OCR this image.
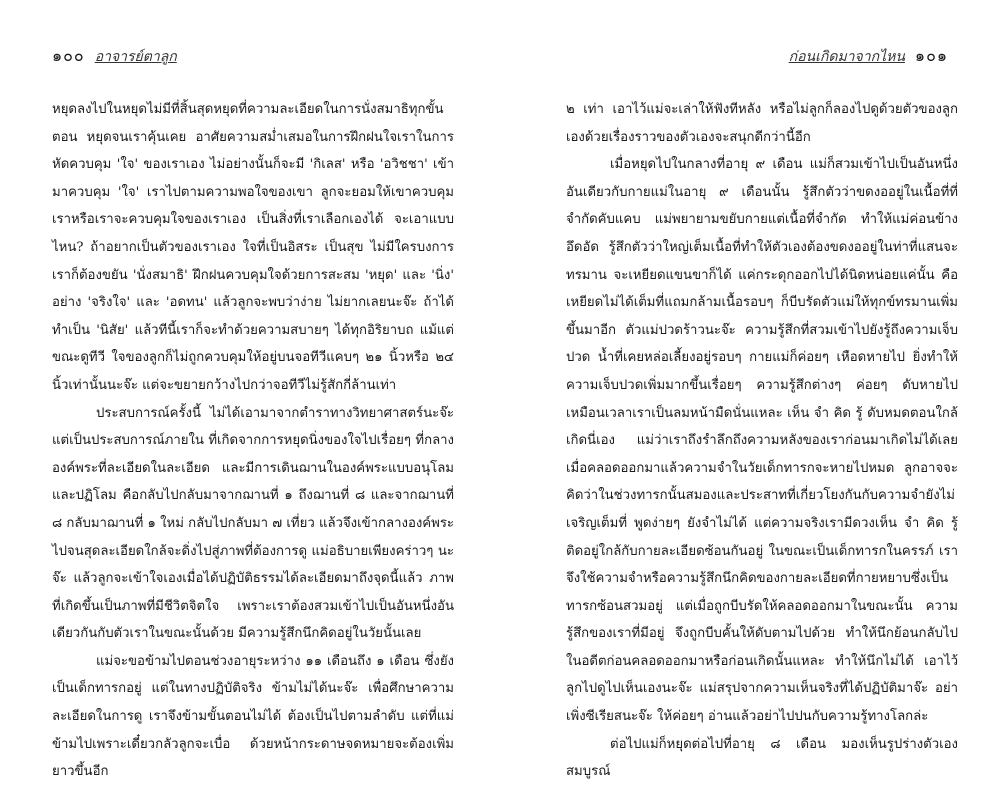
๑๐๐ อาจารย์ตาลูก

หยุดลงไปในหยุดไม่มีที่สิ้นสุดหยุดที่ความละเอียดในการนั่งสมาธิทุกขั้นตอน หยุดจนเราคุ้นเคย อาศัยความสม่ำเสมอในการฝึกฝนใจเราในการหัดควบคุม 'ใจ' ของเราเอง ไม่อย่างนั้นก็จะมี 'กิเลส' หรือ 'อวิชชา' เข้ามาควบคุม 'ใจ' เราไปตามความพอใจของเขา ลูกจะยอมให้เขาควบคุมเราหรือเราจะควบคุมใจของเราเอง เป็นสิ่งที่เราเลือกเองได้ จะเอาแบบไหน? ถ้าอยากเป็นตัวของเราเอง ใจที่เป็นอิสระ เป็นสุข ไม่มีใครบงการ เราก็ต้องขยัน 'นั่งสมาธิ' ฝึกฝนควบคุมใจด้วยการสะสม 'หยุด' และ 'นิ่ง' อย่าง 'จริงใจ' และ 'อดทน' แล้วลูกจะพบว่าง่าย ไม่ยากเลยนะจ๊ะ ถ้าได้ทำเป็น 'นิสัย' แล้วทีนี้เราก็จะทำด้วยความสบายๆ ได้ทุกอิริยาบถ แม้แต่ขณะดูทีวี ใจของลูกก็ไม่ถูกควบคุมให้อยู่บนจอทีวีแคบๆ ๒๑ นิ้วหรือ ๒๔ นิ้วเท่านั้นนะจ๊ะ แต่จะขยายกว้างไปกว่าจอทีวีไม่รู้สักกี่ล้านเท่า

ประสบการณ์ครั้งนี้ ไม่ได้เอามาจากตำราทางวิทยาศาสตร์นะจ๊ะ แต่เป็นประสบการณ์ภายใน ที่เกิดจากการหยุดนิ่งของใจไปเรื่อยๆ ที่กลางองค์พระที่ละเอียดในละเอียด และมีการเดินฌานในองค์พระแบบอนุโลม และปฏิโลม คือกลับไปกลับมาจากฌานที่ ๑ ถึงฌานที่ ๘ และจากฌานที่ ๘ กลับมาฌานที่ ๑ ใหม่ กลับไปกลับมา ๗ เที่ยว แล้วจึงเข้ากลางองค์พระไปจนสุดละเอียดใกล้จะดิ่งไปสู่ภาพที่ต้องการดู แม่อธิบายเพียงคร่าวๆ นะจ๊ะ แล้วลูกจะเข้าใจเองเมื่อได้ปฏิบัติธรรมได้ละเอียดมาถึงจุดนี้แล้ว ภาพที่เกิดขึ้นเป็นภาพที่มีชีวิตจิตใจ เพราะเราต้องสวมเข้าไปเป็นอันหนึ่งอันเดียวกันกับตัวเราในขณะนั้นด้วย มีความรู้สึกนึกคิดอยู่ในวัยนั้นเลย

แม่จะขอข้ามไปตอนช่วงอายุระหว่าง ๑๑ เดือนถึง ๑ เดือน ซึ่งยังเป็นเด็กทารกอยู่ แต่ในทางปฏิบัติจริง ข้ามไม่ได้นะจ๊ะ เพื่อศึกษาความละเอียดในการดู เราจึงข้ามขั้นตอนไม่ได้ ต้องเป็นไปตามลำดับ แต่ที่แม่ข้ามไปเพราะเดี๋ยวกลัวลูกจะเบื่อ ด้วยหน้ากระดาษจดหมายจะต้องเพิ่มยาวขึ้นอีก

ก่อนเกิดมาจากไหน ๑๐๑

๒ เท่า เอาไว้แม่จะเล่าให้ฟังทีหลัง หรือไม่ลูกก็ลองไปดูด้วยตัวของลูกเองด้วยเรื่องราวของตัวเองจะสนุกดีกว่านี้อีก

เมื่อหยุดไปในกลางที่อายุ ๙ เดือน แม่ก็สวมเข้าไปเป็นอันหนึ่งอันเดียวกับกายแม่ในอายุ ๙ เดือนนั้น รู้สึกตัวว่าขดงออยู่ในเนื้อที่ที่จำกัดคับแคบ แม่พยายามขยับกายแต่เนื้อที่จำกัด ทำให้แม่ค่อนข้างอึดอัด รู้สึกตัวว่าใหญ่เต็มเนื้อที่ทำให้ตัวเองต้องขดงออยู่ในท่าที่แสนจะทรมาน จะเหยียดแขนขาก็ได้ แค่กระดุกออกไปได้นิดหน่อยแค่นั้น คือเหยียดไม่ได้เต็มที่แถมกล้ามเนื้อรอบๆ ก็บีบรัดตัวแม่ให้ทุกข์ทรมานเพิ่มขึ้นมาอีก ตัวแม่ปวดร้าวนะจ๊ะ ความรู้สึกที่สวมเข้าไปยังรู้ถึงความเจ็บปวด น้ำที่เคยหล่อเลี้ยงอยู่รอบๆ กายแม่ก็ค่อยๆ เหือดหายไป ยิ่งทำให้ความเจ็บปวดเพิ่มมากขึ้นเรื่อยๆ ความรู้สึกต่างๆ ค่อยๆ ดับหายไป เหมือนเวลาเราเป็นลมหน้ามืดนั่นแหละ เห็น จำ คิด รู้ ดับหมดตอนใกล้เกิดนี่เอง แม่ว่าเราถึงรำลึกถึงความหลังของเราก่อนมาเกิดไม่ได้เลย เมื่อคลอดออกมาแล้วความจำในวัยเด็กทารกจะหายไปหมด ลูกอาจจะคิดว่าในช่วงทารกนั้นสมองและประสาทที่เกี่ยวโยงกันกับความจำยังไม่เจริญเต็มที่ พูดง่ายๆ ยังจำไม่ได้ แต่ความจริงเรามีดวงเห็น จำ คิด รู้ ติดอยู่ใกล้กับกายละเอียดซ้อนกันอยู่ ในขณะเป็นเด็กทารกในครรภ์ เราจึงใช้ความจำหรือความรู้สึกนึกคิดของกายละเอียดที่กายหยาบซึ่งเป็นทารกซ้อนสวมอยู่ แต่เมื่อถูกบีบรัดให้คลอดออกมาในขณะนั้น ความรู้สึกของเราที่มีอยู่ จึงถูกบีบคั้นให้ดับตามไปด้วย ทำให้นึกย้อนกลับไปในอดีตก่อนคลอดออกมาหรือก่อนเกิดนั้นแหละ ทำให้นึกไม่ได้ เอาไว้ลูกไปดูไปเห็นเองนะจ๊ะ แม่สรุปจากความเห็นจริงที่ได้ปฏิบัติมาจ๊ะ อย่าเพิ่งซีเรียสนะจ๊ะ ให้ค่อยๆ อ่านแล้วอย่าไปปนกับความรู้ทางโลกล่ะ

ต่อไปแม่ก็หยุดต่อไปที่อายุ ๘ เดือน มองเห็นรูปร่างตัวเองสมบูรณ์
